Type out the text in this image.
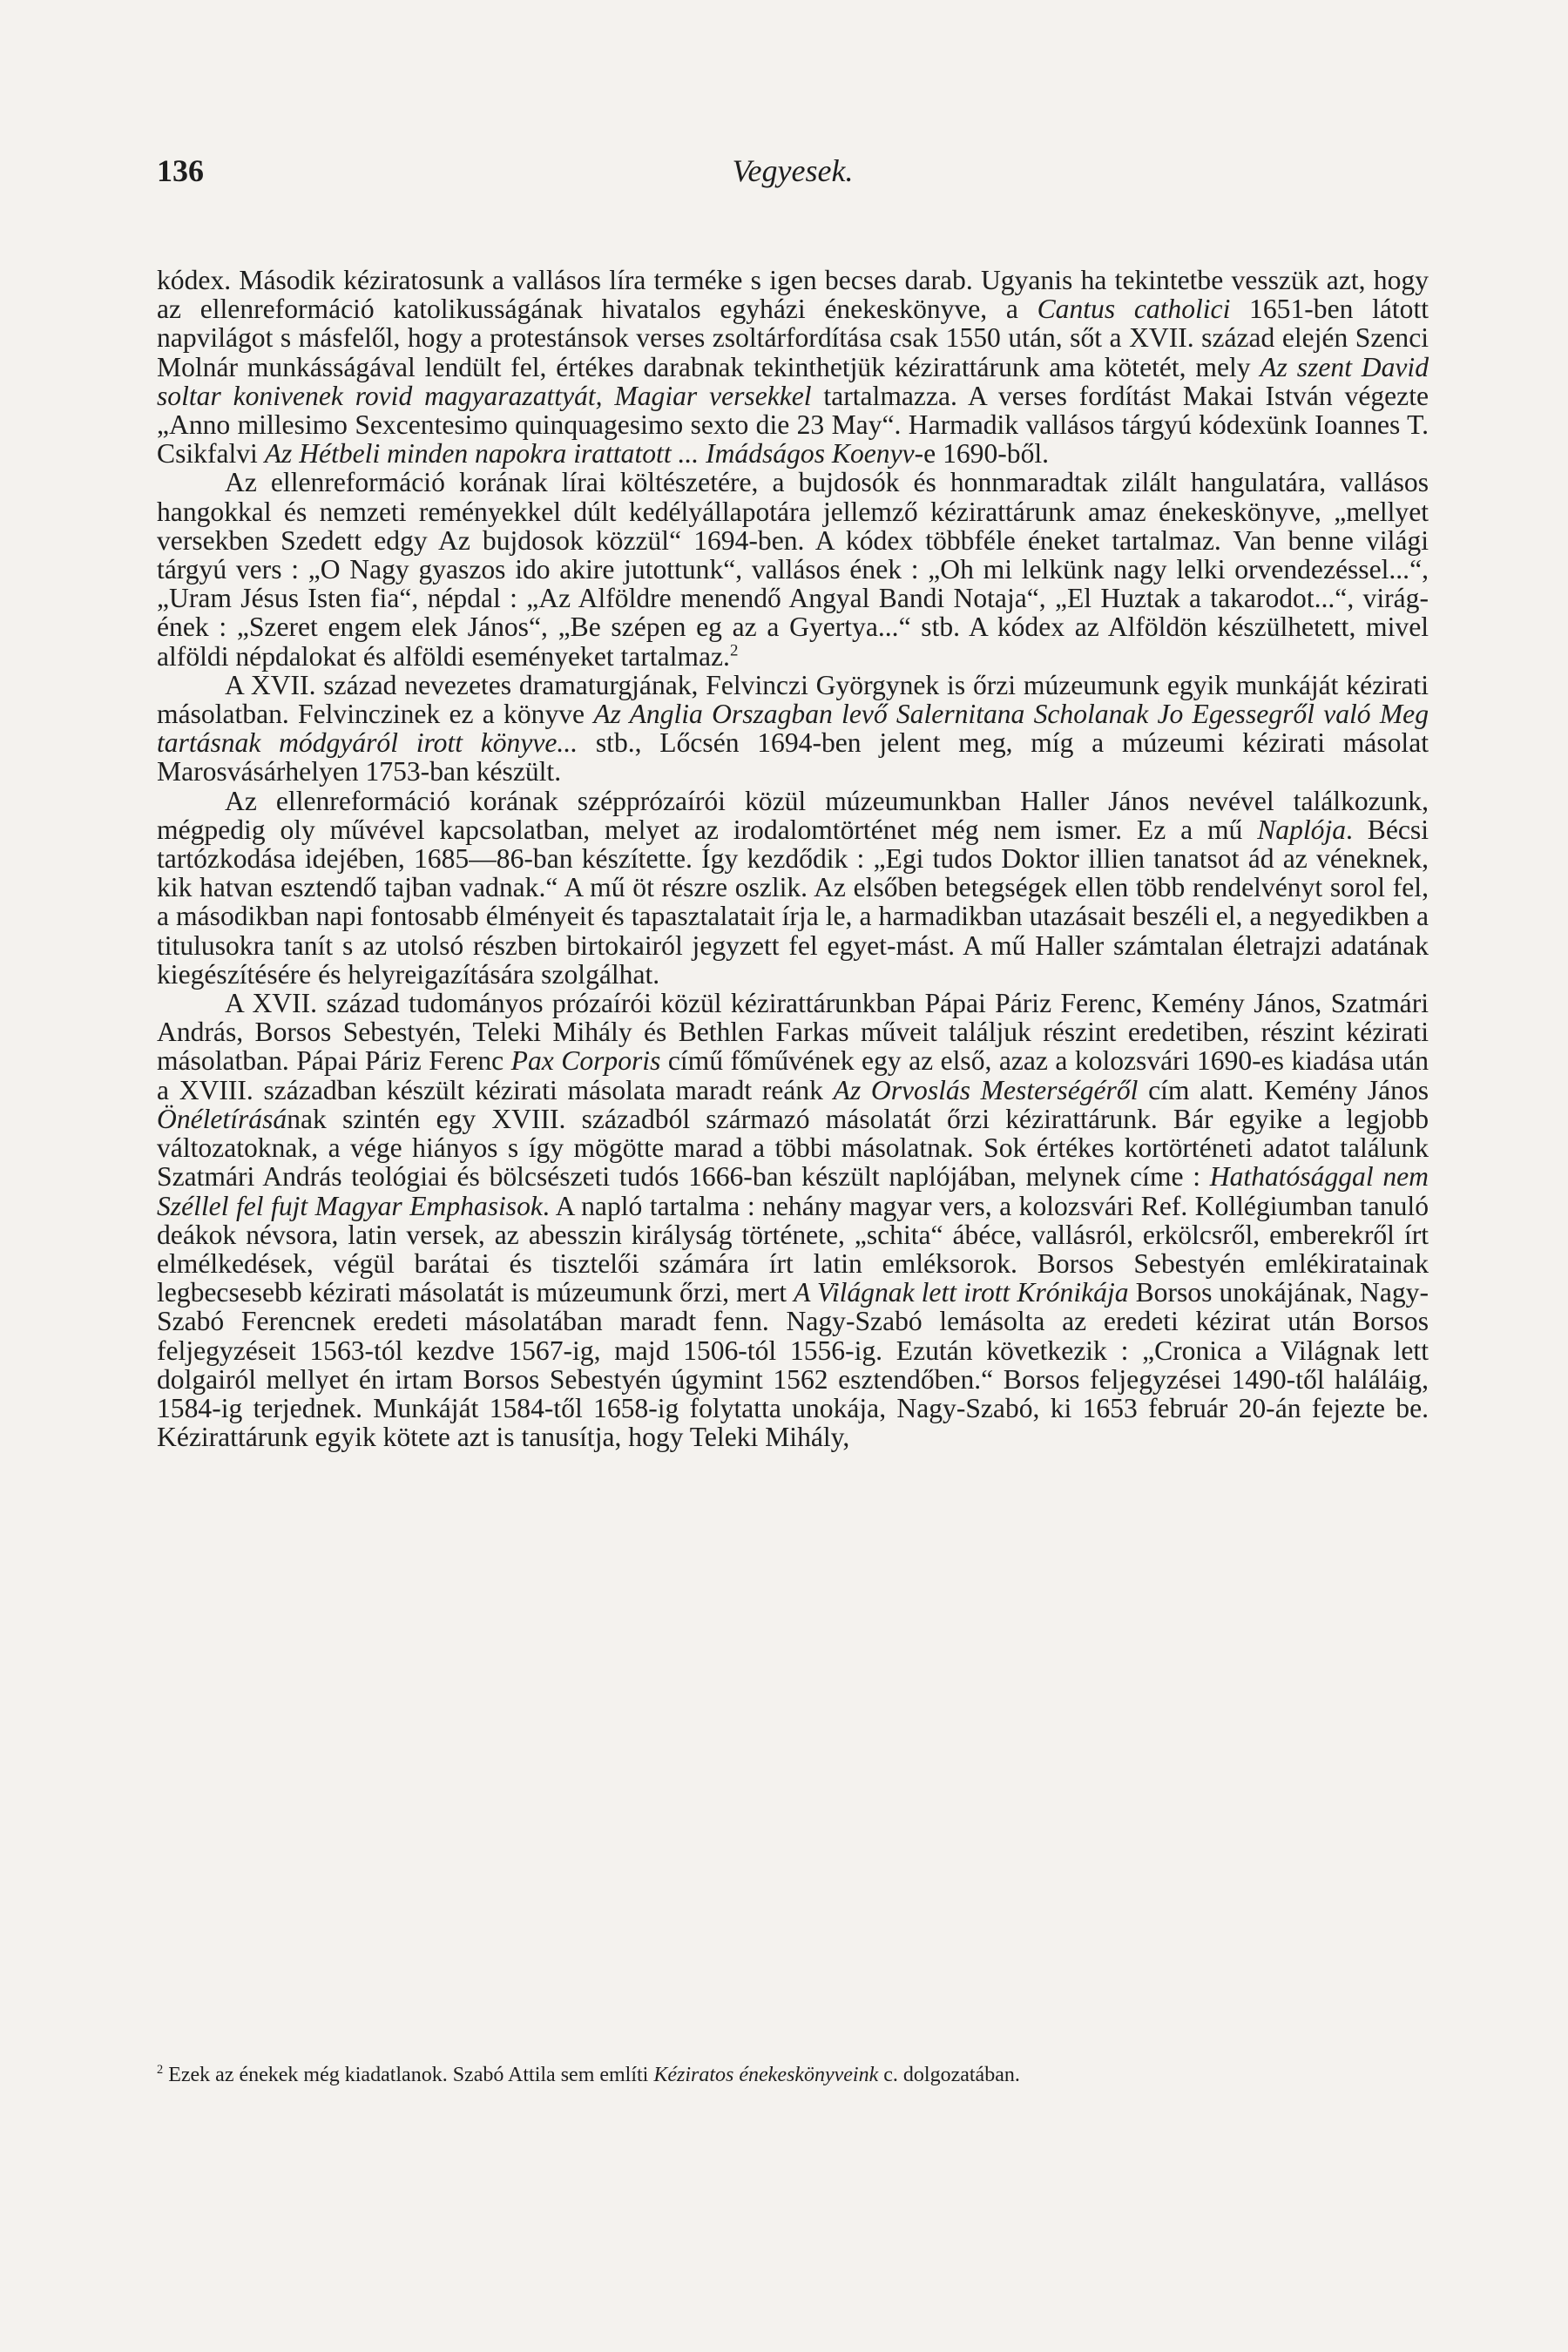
136	Vegyesek.

kódex. Második kéziratosunk a vallásos líra terméke s igen becses darab. Ugyanis ha tekintetbe vesszük azt, hogy az ellenreformáció katolikusságának hivatalos egyházi énekeskönyve, a Cantus catholici 1651-ben látott napvilágot s másfelől, hogy a protestánsok verses zsoltárfordítása csak 1550 után, sőt a XVII. század elején Szenci Molnár munkásságával lendült fel, értékes darabnak tekinthetjük kézirattárunk ama kötetét, mely Az szent David soltar konivenek rovid magyarazattyát, Magiar versekkel tartalmazza. A verses fordítást Makai István végezte „Anno millesimo Sexcentesimo quinquagesimo sexto die 23 May“. Harmadik vallásos tárgyú kódexünk Ioannes T. Csikfalvi Az Hétbeli minden napokra irattatott ... Imádságos Koenyv-e 1690-ből.

Az ellenreformáció korának lírai költészetére, a bujdosók és honnmaradtak zilált hangulatára, vallásos hangokkal és nemzeti reményekkel dúlt kedélyállapotára jellemző kézirattárunk amaz énekeskönyve, „mellyet versekben Szedett edgy Az bujdosok közzül“ 1694-ben. A kódex többféle éneket tartalmaz. Van benne világi tárgyú vers : „O Nagy gyaszos ido akire jutottunk“, vallásos ének : „Oh mi lelkünk nagy lelki orvendezéssel...“, „Uram Jésus Isten fia“, népdal : „Az Alföldre menendő Angyal Bandi Notaja“, „El Huztak a takarodot...“, virág-ének : „Szeret engem elek János“, „Be szépen eg az a Gyertya...“ stb. A kódex az Alföldön készülhetett, mivel alföldi népdalokat és alföldi eseményeket tartalmaz.$^2$

A XVII. század nevezetes dramaturgjának, Felvinczi Györgynek is őrzi múzeumunk egyik munkáját kézirati másolatban. Felvinczinek ez a könyve Az Anglia Orszagban levő Salernitana Scholanak Jo Egessegről való Meg tartásnak módgyáról irott könyve... stb., Lőcsén 1694-ben jelent meg, míg a múzeumi kézirati másolat Marosvásárhelyen 1753-ban készült.

Az ellenreformáció korának szépprózaírói közül múzeumunkban Haller János nevével találkozunk, mégpedig oly művével kapcsolatban, melyet az irodalomtörténet még nem ismer. Ez a mű Naplója. Bécsi tartózkodása idejében, 1685—86-ban készítette. Így kezdődik : „Egi tudos Doktor illien tanatsot ád az véneknek, kik hatvan esztendő tajban vadnak.“ A mű öt részre oszlik. Az elsőben betegségek ellen több rendelvényt sorol fel, a másodikban napi fontosabb élményeit és tapasztalatait írja le, a harmadikban utazásait beszéli el, a negyedikben a titulusokra tanít s az utolsó részben birtokairól jegyzett fel egyet-mást. A mű Haller számtalan életrajzi adatának kiegészítésére és helyreigazítására szolgálhat.

A XVII. század tudományos prózaírói közül kézirattárunkban Pápai Páriz Ferenc, Kemény János, Szatmári András, Borsos Sebestyén, Teleki Mihály és Bethlen Farkas műveit találjuk részint eredetiben, részint kézirati másolatban. Pápai Páriz Ferenc Pax Corporis című főművének egy az első, azaz a kolozsvári 1690-es kiadása után a XVIII. században készült kézirati másolata maradt reánk Az Orvoslás Mesterségéről cím alatt. Kemény János Önéletírásának szintén egy XVIII. századból származó másolatát őrzi kézirattárunk. Bár egyike a legjobb változatoknak, a vége hiányos s így mögötte marad a többi másolatnak. Sok értékes kortörténeti adatot találunk Szatmári András teológiai és bölcsészeti tudós 1666-ban készült naplójában, melynek címe : Hathatósággal nem Széllel fel fujt Magyar Emphasisok. A napló tartalma : nehány magyar vers, a kolozsvári Ref. Kollégiumban tanuló deákok névsora, latin versek, az abesszin királyság története, „schita“ ábéce, vallásról, erkölcsről, emberekről írt elmélkedések, végül barátai és tisztelői számára írt latin emléksorok. Borsos Sebestyén emlékiratainak legbecsesebb kézirati másolatát is múzeumunk őrzi, mert A Világnak lett irott Krónikája Borsos unokájának, Nagy-Szabó Ferencnek eredeti másolatában maradt fenn. Nagy-Szabó lemásolta az eredeti kézirat után Borsos feljegyzéseit 1563-tól kezdve 1567-ig, majd 1506-tól 1556-ig. Ezután következik : „Cronica a Világnak lett dolgairól mellyet én irtam Borsos Sebestyén úgymint 1562 esztendőben.“ Borsos feljegyzései 1490-től haláláig, 1584-ig terjednek. Munkáját 1584-től 1658-ig folytatta unokája, Nagy-Szabó, ki 1653 február 20-án fejezte be. Kézirattárunk egyik kötete azt is tanusítja, hogy Teleki Mihály,

$^2$ Ezek az énekek még kiadatlanok. Szabó Attila sem említi Kéziratos énekeskönyveink c. dolgozatában.
